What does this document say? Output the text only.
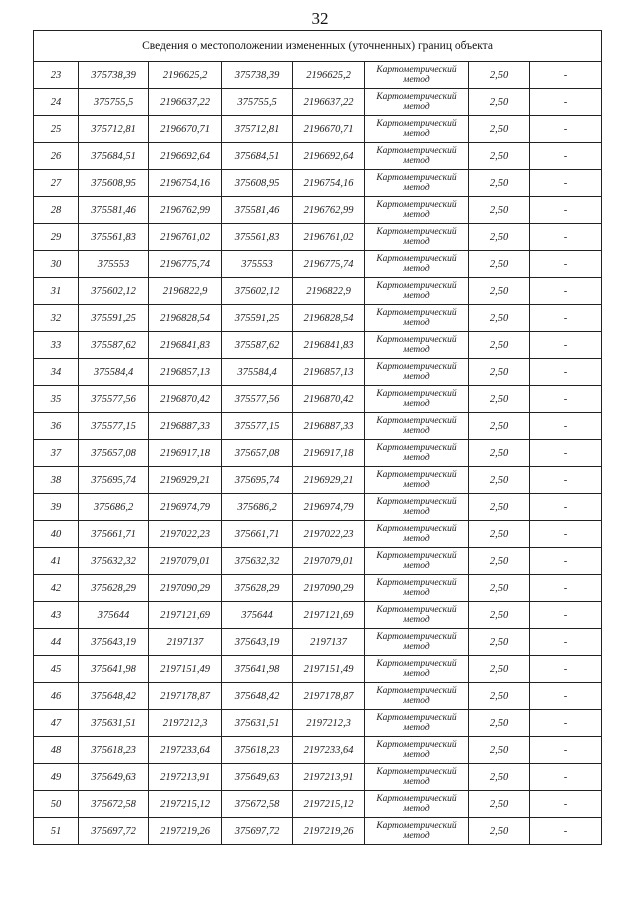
32
Сведения о местоположении измененных (уточненных) границ объекта							
23	375738,39	2196625,2	375738,39	2196625,2	Картометрический метод	2,50	-
24	375755,5	2196637,22	375755,5	2196637,22	Картометрический метод	2,50	-
25	375712,81	2196670,71	375712,81	2196670,71	Картометрический метод	2,50	-
26	375684,51	2196692,64	375684,51	2196692,64	Картометрический метод	2,50	-
27	375608,95	2196754,16	375608,95	2196754,16	Картометрический метод	2,50	-
28	375581,46	2196762,99	375581,46	2196762,99	Картометрический метод	2,50	-
29	375561,83	2196761,02	375561,83	2196761,02	Картометрический метод	2,50	-
30	375553	2196775,74	375553	2196775,74	Картометрический метод	2,50	-
31	375602,12	2196822,9	375602,12	2196822,9	Картометрический метод	2,50	-
32	375591,25	2196828,54	375591,25	2196828,54	Картометрический метод	2,50	-
33	375587,62	2196841,83	375587,62	2196841,83	Картометрический метод	2,50	-
34	375584,4	2196857,13	375584,4	2196857,13	Картометрический метод	2,50	-
35	375577,56	2196870,42	375577,56	2196870,42	Картометрический метод	2,50	-
36	375577,15	2196887,33	375577,15	2196887,33	Картометрический метод	2,50	-
37	375657,08	2196917,18	375657,08	2196917,18	Картометрический метод	2,50	-
38	375695,74	2196929,21	375695,74	2196929,21	Картометрический метод	2,50	-
39	375686,2	2196974,79	375686,2	2196974,79	Картометрический метод	2,50	-
40	375661,71	2197022,23	375661,71	2197022,23	Картометрический метод	2,50	-
41	375632,32	2197079,01	375632,32	2197079,01	Картометрический метод	2,50	-
42	375628,29	2197090,29	375628,29	2197090,29	Картометрический метод	2,50	-
43	375644	2197121,69	375644	2197121,69	Картометрический метод	2,50	-
44	375643,19	2197137	375643,19	2197137	Картометрический метод	2,50	-
45	375641,98	2197151,49	375641,98	2197151,49	Картометрический метод	2,50	-
46	375648,42	2197178,87	375648,42	2197178,87	Картометрический метод	2,50	-
47	375631,51	2197212,3	375631,51	2197212,3	Картометрический метод	2,50	-
48	375618,23	2197233,64	375618,23	2197233,64	Картометрический метод	2,50	-
49	375649,63	2197213,91	375649,63	2197213,91	Картометрический метод	2,50	-
50	375672,58	2197215,12	375672,58	2197215,12	Картометрический метод	2,50	-
51	375697,72	2197219,26	375697,72	2197219,26	Картометрический метод	2,50	-
